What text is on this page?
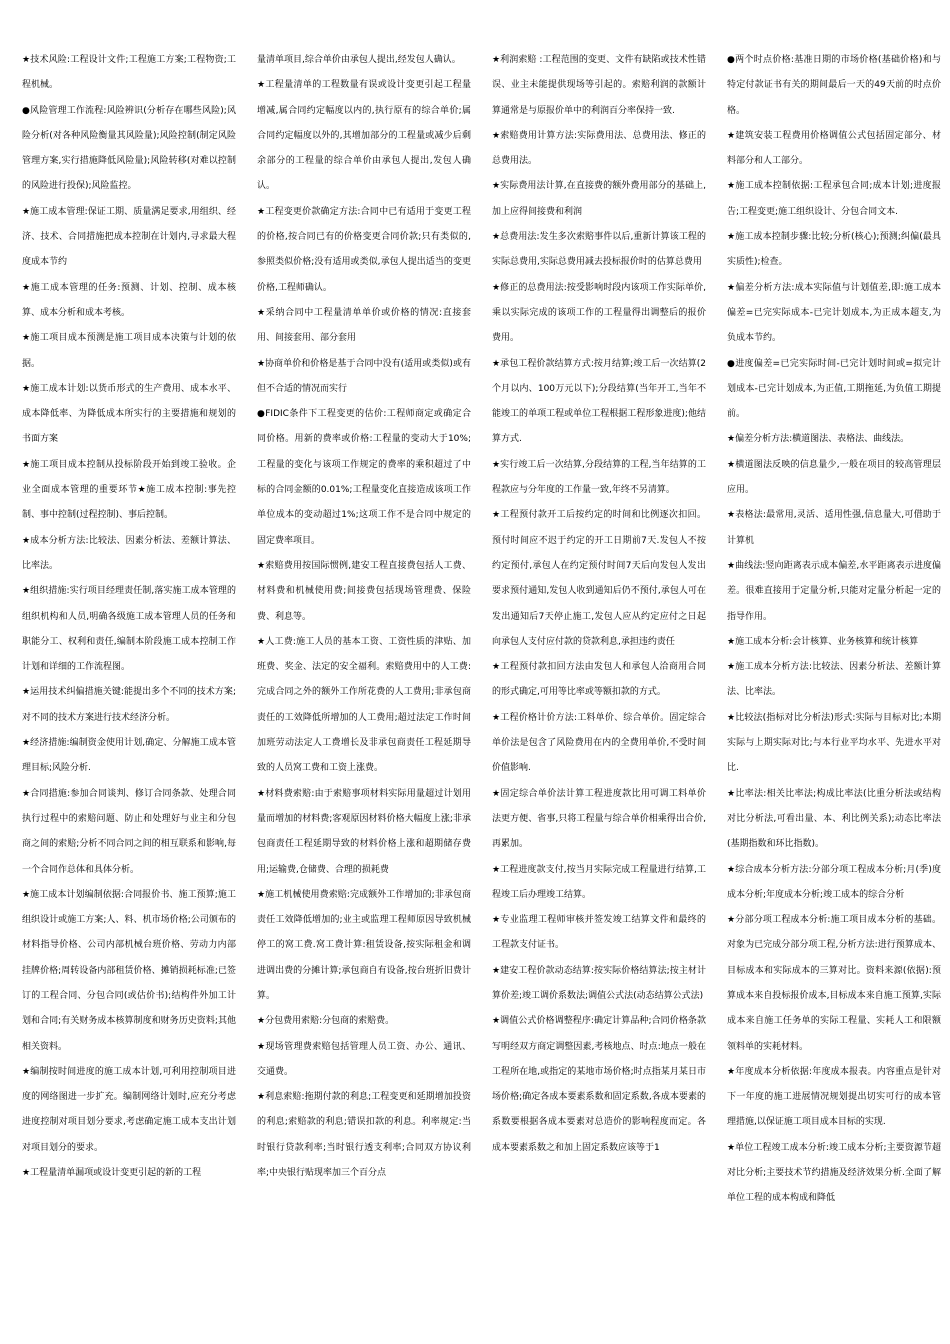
★技术风险:工程设计文件;工程施工方案;工程物资;工程机械。

●风险管理工作流程:风险辨识(分析存在哪些风险);风险分析(对各种风险衡量其风险量);风险控制(制定风险管理方案,实行措施降低风险量);风险转移(对难以控制的风险进行投保);风险监控。

★施工成本管理:保证工期、质量满足要求,用组织、经济、技术、合同措施把成本控制在计划内,寻求最大程度成本节约

★施工成本管理的任务:预测、计划、控制、成本核算、成本分析和成本考核。

★施工项目成本预测是施工项目成本决策与计划的依据。

★施工成本计划:以货币形式的生产费用、成本水平、成本降低率、为降低成本所实行的主要措施和规划的书面方案

★施工项目成本控制从投标阶段开始到竣工验收。企业全面成本管理的重要环节★施工成本控制:事先控制、事中控制(过程控制)、事后控制。

★成本分析方法:比较法、因素分析法、差额计算法、比率法。

★组织措施:实行项目经理责任制,落实施工成本管理的组织机构和人员,明确各级施工成本管理人员的任务和职能分工、权利和责任,编制本阶段施工成本控制工作计划和详细的工作流程图。

★运用技术纠偏措施关键:能提出多个不同的技术方案;对不同的技术方案进行技术经济分析。

★经济措施:编制资金使用计划,确定、分解施工成本管理目标;风险分析.

★合同措施:参加合同谈判、修订合同条款、处理合同执行过程中的索赔问题、防止和处理好与业主和分包商之间的索赔;分析不同合同之间的相互联系和影响,每一个合同作总体和具体分析。

★施工成本计划编制依据:合同报价书、施工预算;施工组织设计或施工方案;人、料、机市场价格;公司颁布的材料指导价格、公司内部机械台班价格、劳动力内部挂牌价格;周转设备内部租赁价格、摊销损耗标准;已签订的工程合同、分包合同(或估价书);结构件外加工计划和合同;有关财务成本核算制度和财务历史资料;其他相关资料。

★编制按时间进度的施工成本计划,可利用控制项目进度的网络图进一步扩充。编制网络计划时,应充分考虑进度控制对项目划分要求,考虑确定施工成本支出计划对项目划分的要求。

★工程量清单漏项或设计变更引起的新的工程

量清单项目,综合单价由承包人提出,经发包人确认。

★工程量清单的工程数量有误或设计变更引起工程量增减,属合同约定幅度以内的,执行原有的综合单价;属合同约定幅度以外的,其增加部分的工程量或减少后剩余部分的工程量的综合单价由承包人提出,发包人确认。

★工程变更价款确定方法:合同中已有适用于变更工程的价格,按合同已有的价格变更合同价款;只有类似的,参照类似价格;没有适用或类似,承包人提出适当的变更价格,工程师确认。

★采纳合同中工程量清单单价或价格的情况:直接套用、间接套用、部分套用

★协商单价和价格是基于合同中没有(适用或类似)或有但不合适的情况而实行

●FIDIC条件下工程变更的估价:工程师商定或确定合同价格。用新的费率或价格:工程量的变动大于10%;工程量的变化与该项工作规定的费率的乘积超过了中标的合同金额的0.01%;工程量变化直接造成该项工作单位成本的变动超过1%;这项工作不是合同中规定的固定费率项目。

★索赔费用按国际惯例,建安工程直接费包括人工费、材料费和机械使用费;间接费包括现场管理费、保险费、利息等。

★人工费:施工人员的基本工资、工资性质的津贴、加班费、奖金、法定的安全福利。索赔费用中的人工费:完成合同之外的额外工作所花费的人工费用;非承包商责任的工效降低所增加的人工费用;超过法定工作时间加班劳动法定人工费增长及非承包商责任工程延期导致的人员窝工费和工资上涨费。

★材料费索赔:由于索赔事项材料实际用量超过计划用量而增加的材料费;客观原因材料价格大幅度上涨;非承包商责任工程延期导致的材料价格上涨和超期储存费用;运输费,仓储费、合理的损耗费

★施工机械使用费索赔:完成额外工作增加的;非承包商责任工效降低增加的;业主或监理工程师原因导致机械停工的窝工费.窝工费计算:租赁设备,按实际租金和调进调出费的分摊计算;承包商自有设备,按台班折旧费计算。

★分包费用索赔:分包商的索赔费。

★现场管理费索赔包括管理人员工资、办公、通讯、交通费。

★利息索赔:拖期付款的利息;工程变更和延期增加投资的利息;索赔款的利息;错误扣款的利息。利率规定:当时银行贷款利率;当时银行透支利率;合同双方协议利率;中央银行贴现率加三个百分点

★利润索赔 :工程范围的变更、文件有缺陷或技术性错误、业主未能提供现场等引起的。索赔利润的款额计算通常是与原报价单中的利润百分率保持一致.

★索赔费用计算方法:实际费用法、总费用法、修正的总费用法。

★实际费用法计算,在直接费的额外费用部分的基础上,加上应得间接费和利润

★总费用法:发生多次索赔事件以后,重新计算该工程的实际总费用,实际总费用减去投标报价时的估算总费用

★修正的总费用法:按受影响时段内该项工作实际单价,乘以实际完成的该项工作的工程量得出调整后的报价费用。

★承包工程价款结算方式:按月结算;竣工后一次结算(2个月以内、100万元以下);分段结算(当年开工,当年不能竣工的单项工程或单位工程根据工程形象进度);他结算方式.

★实行竣工后一次结算,分段结算的工程,当年结算的工程款应与分年度的工作量一致,年终不另清算。

★工程预付款开工后按约定的时间和比例逐次扣回。预付时间应不迟于约定的开工日期前7天.发包人不按约定预付,承包人在约定预付时间7天后向发包人发出要求预付通知,发包人收到通知后仍不预付,承包人可在发出通知后7天停止施工,发包人应从约定应付之日起向承包人支付应付款的贷款利息,承担违约责任

★工程预付款扣回方法由发包人和承包人洽商用合同的形式确定,可用等比率或等额扣款的方式。

★工程价格计价方法:工料单价、综合单价。固定综合单价法是包含了风险费用在内的全费用单价,不受时间价值影响.

★固定综合单价法计算工程进度款比用可调工料单价法更方便、省事,只将工程量与综合单价相乘得出合价,再累加。

★工程进度款支付,按当月实际完成工程量进行结算,工程竣工后办理竣工结算。

★专业监理工程师审核并签发竣工结算文件和最终的工程款支付证书。

★建安工程价款动态结算:按实际价格结算法;按主材计算价差;竣工调价系数法;调值公式法(动态结算公式法)

★调值公式价格调整程序:确定计算品种;合同价格条款写明经双方商定调整因素,考核地点、时点:地点一般在工程所在地,或指定的某地市场价格;时点指某月某日市场价格;确定各成本要素系数和固定系数,各成本要素的系数要根据各成本要素对总造价的影响程度而定。各成本要素系数之和加上固定系数应该等于1

●两个时点价格:基准日期的市场价格(基础价格)和与特定付款证书有关的期间最后一天的49天前的时点价格。

★建筑安装工程费用价格调值公式包括固定部分、材料部分和人工部分。

★施工成本控制依据:工程承包合同;成本计划;进度报告;工程变更;施工组织设计、分包合同文本.

★施工成本控制步骤:比较;分析(核心);预测;纠偏(最具实质性);检查。

★偏差分析方法:成本实际值与计划值差,即:施工成本偏差=已完实际成本-已完计划成本,为正成本超支,为负成本节约。

●进度偏差=已完实际时间-已完计划时间或=拟完计划成本-已完计划成本,为正值,工期拖延,为负值工期提前。

★偏差分析方法:横道图法、表格法、曲线法。

★横道图法反映的信息量少,一般在项目的较高管理层应用。

★表格法:最常用,灵活、适用性强,信息量大,可借助于计算机

★曲线法:竖向距离表示成本偏差,水平距离表示进度偏差。很难直接用于定量分析,只能对定量分析起一定的指导作用。

★施工成本分析:会计核算、业务核算和统计核算

★施工成本分析方法:比较法、因素分析法、差额计算法、比率法。

★比较法(指标对比分析法)形式:实际与目标对比;本期实际与上期实际对比;与本行业平均水平、先进水平对比.

★比率法:相关比率法;构成比率法(比重分析法或结构对比分析法,可看出量、本、利比例关系);动态比率法(基期指数和环比指数)。

★综合成本分析方法:分部分项工程成本分析;月(季)度成本分析;年度成本分析;竣工成本的综合分析

★分部分项工程成本分析:施工项目成本分析的基础。对象为已完成分部分项工程,分析方法:进行预算成本、目标成本和实际成本的三算对比。资料来源(依据):预算成本来自投标报价成本,目标成本来自施工预算,实际成本来自施工任务单的实际工程量、实耗人工和限额领料单的实耗材料。

★年度成本分析依据:年度成本报表。内容重点是针对下一年度的施工进展情况规划提出切实可行的成本管理措施,以保证施工项目成本目标的实现.

★单位工程竣工成本分析:竣工成本分析;主要资源节超对比分析;主要技术节约措施及经济效果分析.全面了解单位工程的成本构成和降低
